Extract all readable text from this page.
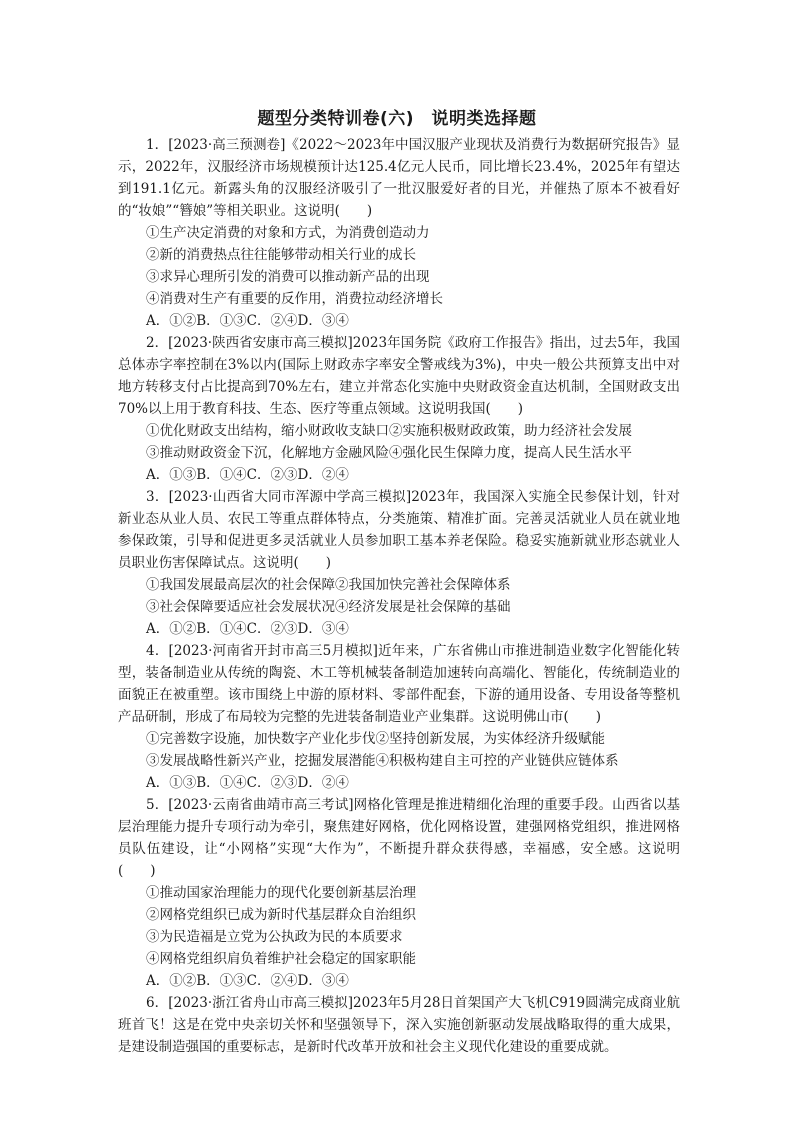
题型分类特训卷(六)　说明类选择题

1．[2023·高三预测卷]《2022～2023年中国汉服产业现状及消费行为数据研究报告》显示，2022年，汉服经济市场规模预计达125.4亿元人民币，同比增长23.4%，2025年有望达到191.1亿元。新露头角的汉服经济吸引了一批汉服爱好者的目光，并催热了原本不被看好的“妆娘”“簪娘”等相关职业。这说明(　　)

①生产决定消费的对象和方式，为消费创造动力

②新的消费热点往往能够带动相关行业的成长

③求异心理所引发的消费可以推动新产品的出现

④消费对生产有重要的反作用，消费拉动经济增长

A．①②B．①③C．②④D．③④

2．[2023·陕西省安康市高三模拟]2023年国务院《政府工作报告》指出，过去5年，我国总体赤字率控制在3%以内(国际上财政赤字率安全警戒线为3%)，中央一般公共预算支出中对地方转移支付占比提高到70%左右，建立并常态化实施中央财政资金直达机制，全国财政支出70%以上用于教育科技、生态、医疗等重点领域。这说明我国(　　)

①优化财政支出结构，缩小财政收支缺口②实施积极财政政策，助力经济社会发展

③推动财政资金下沉，化解地方金融风险④强化民生保障力度，提高人民生活水平

A．①③B．①④C．②③D．②④

3．[2023·山西省大同市浑源中学高三模拟]2023年，我国深入实施全民参保计划，针对新业态从业人员、农民工等重点群体特点，分类施策、精准扩面。完善灵活就业人员在就业地参保政策，引导和促进更多灵活就业人员参加职工基本养老保险。稳妥实施新就业形态就业人员职业伤害保障试点。这说明(　　)

①我国发展最高层次的社会保障②我国加快完善社会保障体系

③社会保障要适应社会发展状况④经济发展是社会保障的基础

A．①②B．①④C．②③D．③④

4．[2023·河南省开封市高三5月模拟]近年来，广东省佛山市推进制造业数字化智能化转型，装备制造业从传统的陶瓷、木工等机械装备制造加速转向高端化、智能化，传统制造业的面貌正在被重塑。该市围绕上中游的原材料、零部件配套，下游的通用设备、专用设备等整机产品研制，形成了布局较为完整的先进装备制造业产业集群。这说明佛山市(　　)

①完善数字设施，加快数字产业化步伐②坚持创新发展，为实体经济升级赋能

③发展战略性新兴产业，挖掘发展潜能④积极构建自主可控的产业链供应链体系

A．①③B．①④C．②③D．②④

5．[2023·云南省曲靖市高三考试]网格化管理是推进精细化治理的重要手段。山西省以基层治理能力提升专项行动为牵引，聚焦建好网格，优化网格设置，建强网格党组织，推进网格员队伍建设，让“小网格”实现“大作为”，不断提升群众获得感，幸福感，安全感。这说明(　　)

①推动国家治理能力的现代化要创新基层治理

②网格党组织已成为新时代基层群众自治组织

③为民造福是立党为公执政为民的本质要求

④网格党组织肩负着维护社会稳定的国家职能

A．①②B．①③C．②④D．③④

6．[2023·浙江省舟山市高三模拟]2023年5月28日首架国产大飞机C919圆满完成商业航班首飞！这是在党中央亲切关怀和坚强领导下，深入实施创新驱动发展战略取得的重大成果，是建设制造强国的重要标志，是新时代改革开放和社会主义现代化建设的重要成就。
